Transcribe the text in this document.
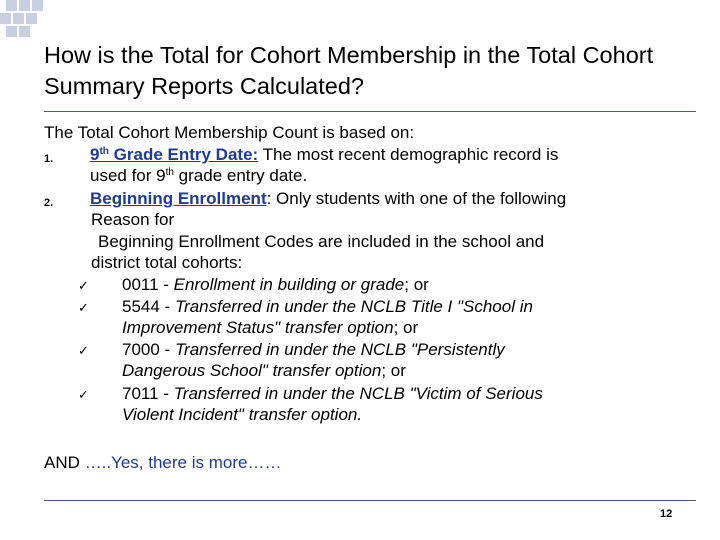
How is the Total for Cohort Membership in the Total Cohort Summary Reports Calculated?
The Total Cohort Membership Count is based on:
1. 9th Grade Entry Date: The most recent demographic record is
used for 9th grade entry date.
2. Beginning Enrollment: Only students with one of the following
Reason for
Beginning Enrollment Codes are included in the school and
district total cohorts:
✓ 0011 - Enrollment in building or grade; or
✓ 5544 - Transferred in under the NCLB Title I "School in
Improvement Status" transfer option; or
✓ 7000 - Transferred in under the NCLB "Persistently
Dangerous School" transfer option; or
✓ 7011 - Transferred in under the NCLB "Victim of Serious
Violent Incident" transfer option.
AND …..Yes, there is more……
12
